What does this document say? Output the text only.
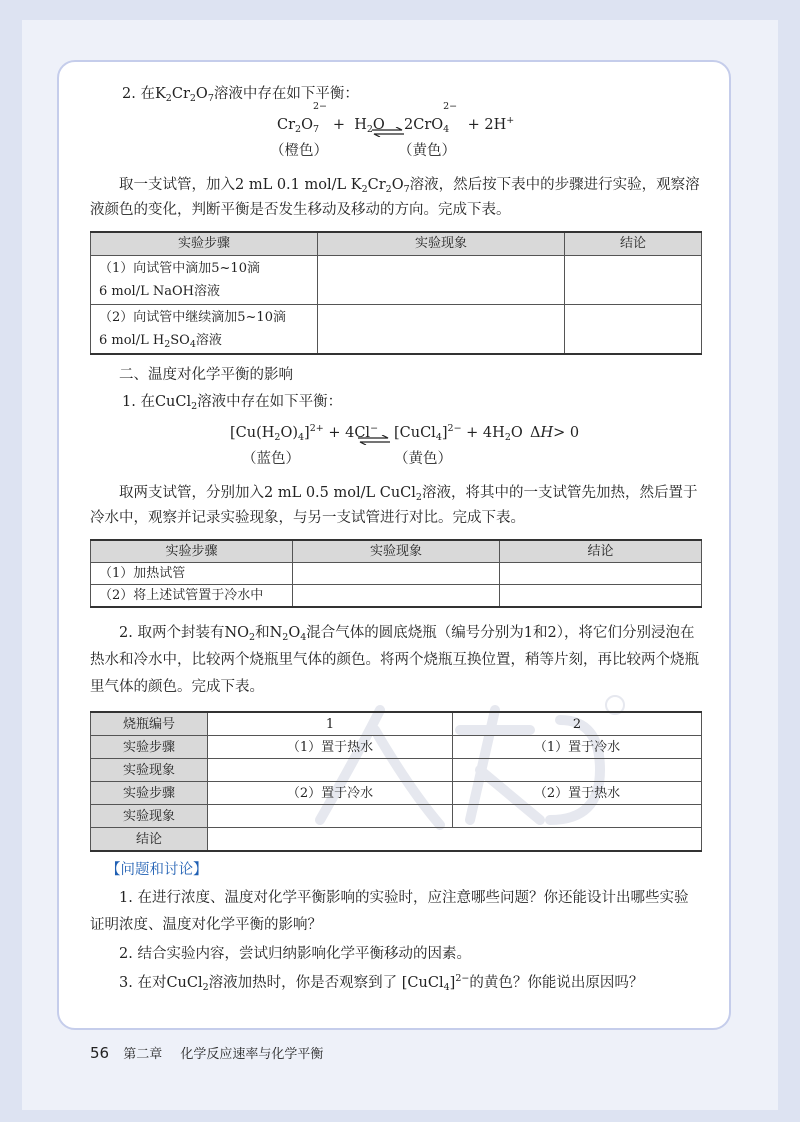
2. 在$K_2Cr_2O_7$溶液中存在如下平衡：

$Cr_2O$
2−
$_7 + H_2O$ ⇌ 2CrO
2−
$_4$ + 2H+
（橙色）	（黄色）

取一支试管，加入2 mL 0.1 mol/L $K_2Cr_2O_7$溶液，然后按下表中的步骤进行实验，观察溶液颜色的变化，判断平衡是否发生移动及移动的方向。完成下表。

实验步骤	实验现象	结论

（1）向试管中滴加5~10滴
6 mol/L NaOH溶液		

（2）向试管中继续滴加5~10滴
6 mol/L $H_2SO_4$溶液		

二、温度对化学平衡的影响

1. 在CuCl$_2$溶液中存在如下平衡：

$[Cu(H_2O)_4]^{2+} + 4Cl^-$ ⇌ [CuCl$_4$]$^{2-}$ + $4H_2O$ ΔH> 0
（蓝色）	（黄色）

取两支试管，分别加入2 mL 0.5 mol/L CuCl$_2$溶液，将其中的一支试管先加热，然后置于冷水中，观察并记录实验现象，与另一支试管进行对比。完成下表。

实验步骤	实验现象	结论
（1）加热试管		
（2）将上述试管置于冷水中		

2. 取两个封装有$NO_2$和$N_2O_4$混合气体的圆底烧瓶（编号分别为1和2），将它们分别浸泡在热水和冷水中，比较两个烧瓶里气体的颜色。将两个烧瓶互换位置，稍等片刻，再比较两个烧瓶里气体的颜色。完成下表。

烧瓶编号	1	2
实验步骤	（1）置于热水	（1）置于冷水
实验现象		
实验步骤	（2）置于冷水	（2）置于热水
实验现象		
结论		

【问题和讨论】

1. 在进行浓度、温度对化学平衡影响的实验时，应注意哪些问题？你还能设计出哪些实验证明浓度、温度对化学平衡的影响？

2. 结合实验内容，尝试归纳影响化学平衡移动的因素。

3. 在对CuCl$_2$溶液加热时，你是否观察到了 [CuCl$_4$]$^{2-}$的黄色？你能说出原因吗？

56 第二章 化学反应速率与化学平衡
